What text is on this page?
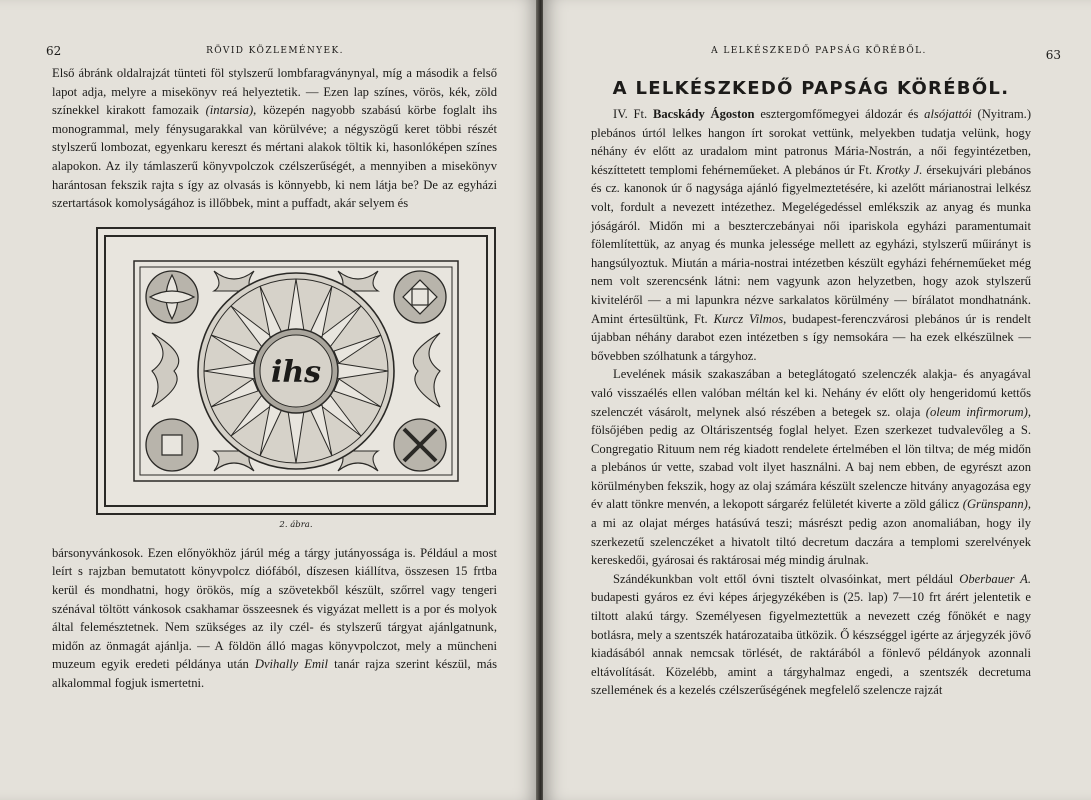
62	RÖVID KÖZLEMÉNYEK.

Első ábránk oldalrajzát tünteti föl stylszerű lombfaragványnyal, míg a második a felső lapot adja, melyre a misekönyv reá helyeztetik. — Ezen lap színes, vörös, kék, zöld színekkel kirakott famozaik (intarsia), közepén nagyobb szabású körbe foglalt ihs monogrammal, mely fénysugarakkal van körülvéve; a négyszögű keret többi részét stylszerű lombozat, egyenkaru kereszt és mértani alakok töltik ki, hasonlóképen színes alapokon. Az ily támlaszerű könyvpolczok czélszerűségét, a mennyiben a misekönyv harántosan fekszik rajta s így az olvasás is könnyebb, ki nem látja be? De az egyházi szertartások komolyságához is illőbbek, mint a puffadt, akár selyem és

ihs
2. ábra.

bársonyvánkosok. Ezen előnyökhöz járúl még a tárgy jutányossága is. Például a most leírt s rajzban bemutatott könyvpolcz diófából, díszesen kiállítva, összesen 15 frtba kerül és mondhatni, hogy örökös, míg a szövetekből készült, szőrrel vagy tengeri szénával töltött vánkosok csakhamar összeesnek és vigyázat mellett is a por és molyok által felemésztetnek. Nem szükséges az ily czél- és stylszerű tárgyat ajánlgatnunk, midőn az önmagát ajánlja. — A földön álló magas könyvpolczot, mely a müncheni muzeum egyik eredeti példánya után Dvihally Emil tanár rajza szerint készül, más alkalommal fogjuk ismertetni.

A LELKÉSZKEDŐ PAPSÁG KÖRÉBŐL.	63
A LELKÉSZKEDŐ PAPSÁG KÖRÉBŐL.

IV. Ft. Bacskády Ágoston esztergomfőmegyei áldozár és alsójattói (Nyitram.) plebános úrtól lelkes hangon írt sorokat vettünk, melyekben tudatja velünk, hogy néhány év előtt az uradalom mint patronus Mária-Nostrán, a női fegyintézetben, készíttetett templomi fehérneműeket. A plebános úr Ft. Krotky J. érsekujvári plebános és cz. kanonok úr ő nagysága ajánló figyelmeztetésére, ki azelőtt márianostrai lelkész volt, fordult a nevezett intézethez. Megelégedéssel emlékszik az anyag és munka jóságáról. Midőn mi a beszterczebányai női ipariskola egyházi paramentumait fölemlítettük, az anyag és munka jelessége mellett az egyházi, stylszerű műirányt is hangsúlyoztuk. Miután a mária-nostrai intézetben készült egyházi fehérneműeket még nem volt szerencsénk látni: nem vagyunk azon helyzetben, hogy azok stylszerű kiviteléről — a mi lapunkra nézve sarkalatos körülmény — bírálatot mondhatnánk. Amint értesültünk, Ft. Kurcz Vilmos, budapest-ferenczvárosi plebános úr is rendelt újabban néhány darabot ezen intézetben s így nemsokára — ha ezek elkészülnek — bővebben szólhatunk a tárgyhoz.

Levelének másik szakaszában a beteglátogató szelenczék alakja- és anyagával való visszaélés ellen valóban méltán kel ki. Nehány év előtt oly hengeridomú kettős szelenczét vásárolt, melynek alsó részében a betegek sz. olaja (oleum infirmorum), fölsőjében pedig az Oltáriszentség foglal helyet. Ezen szerkezet tudvalevőleg a S. Congregatio Rituum nem rég kiadott rendelete értelmében el lön tiltva; de még midőn a plebános úr vette, szabad volt ilyet használni. A baj nem ebben, de egyrészt azon körülményben fekszik, hogy az olaj számára készült szelencze hitvány anyagozása egy év alatt tönkre menvén, a lekopott sárgaréz felületét kiverte a zöld gálicz (Grünspann), a mi az olajat mérges hatásúvá teszi; másrészt pedig azon anomaliában, hogy ily szerkezetű szelenczéket a hivatolt tiltó decretum daczára a templomi szerelvények kereskedői, gyárosai és raktárosai még mindig árulnak.

Szándékunkban volt ettől óvni tisztelt olvasóinkat, mert például Oberbauer A. budapesti gyáros ez évi képes árjegyzékében is (25. lap) 7—10 frt árért jelentetik e tiltott alakú tárgy. Személyesen figyelmeztettük a nevezett czég főnökét e nagy botlásra, mely a szentszék határozataiba ütközik. Ő készséggel igérte az árjegyzék jövő kiadásából annak nemcsak törlését, de raktárából a fönlevő példányok azonnali eltávolítását. Közelébb, amint a tárgyhalmaz engedi, a szentszék decretuma szellemének és a kezelés czélszerűségének megfelelő szelencze rajzát
